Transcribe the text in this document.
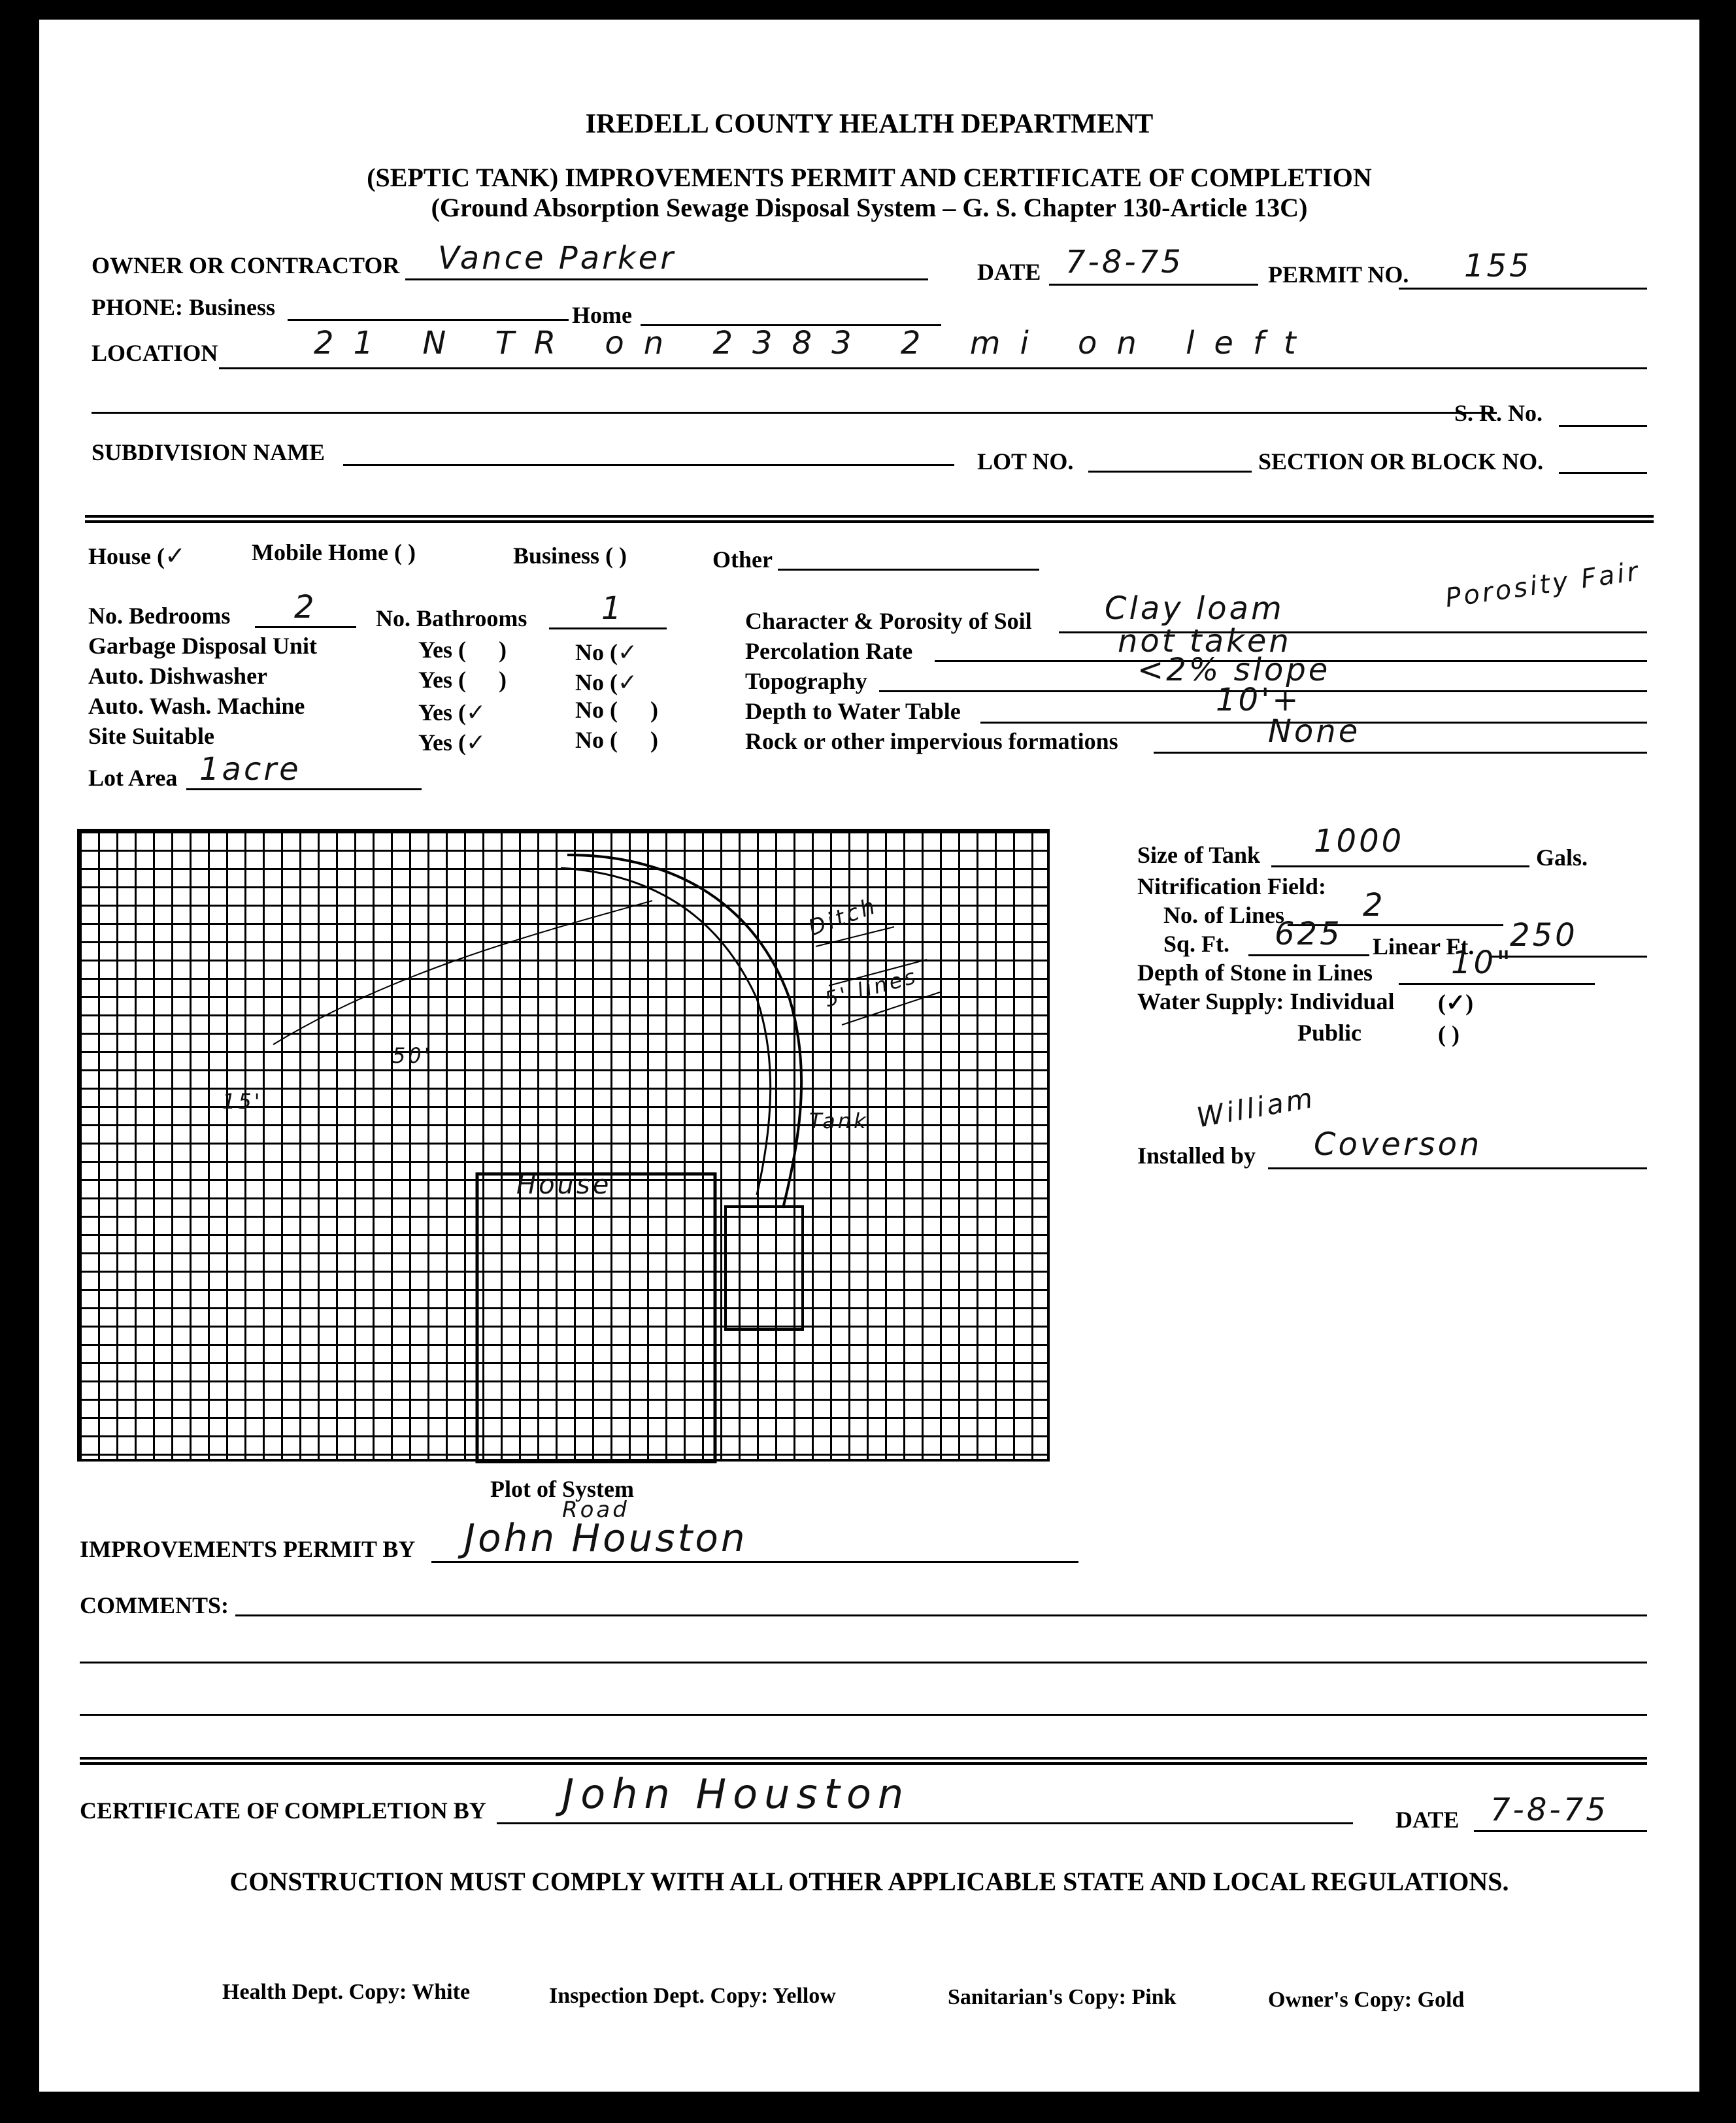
IREDELL COUNTY HEALTH DEPARTMENT
(SEPTIC TANK) IMPROVEMENTS PERMIT AND CERTIFICATE OF COMPLETION
(Ground Absorption Sewage Disposal System – G. S. Chapter 130-Article 13C)
OWNER OR CONTRACTOR Vance Parker	DATE 7-8-75	PERMIT NO. 155
PHONE: Business	Home
LOCATION	21 N TR on 2383 2 mi on left
S. R. No.
SUBDIVISION NAME	LOT NO.	SECTION OR BLOCK NO.
House (✓	Mobile Home ( )	Business ( )	Other
No. Bedrooms 2	No. Bathrooms 1
Garbage Disposal Unit	Yes ( )	No (✓
Auto. Dishwasher	Yes ( )	No (✓
Auto. Wash. Machine	Yes (✓	No ( )
Site Suitable	Yes (✓	No ( )
Lot Area 1acre
Character & Porosity of Soil Clay loam	Porosity Fair
Percolation Rate	not taken
Topography	<2% slope
Depth to Water Table	10'+
Rock or other impervious formations	None
House
Tank
Ditch
5' lines
50'
15'
Plot of System
Road
Size of Tank 1000	Gals.
Nitrification Field:
No. of Lines 2
Sq. Ft. 625 Linear Ft. 250
Depth of Stone in Lines 10"
Water Supply: Individual (✓)
Public	( )
William
Installed by Coverson
IMPROVEMENTS PERMIT BY John Houston
COMMENTS:
CERTIFICATE OF COMPLETION BY John Houston
DATE 7-8-75
CONSTRUCTION MUST COMPLY WITH ALL OTHER APPLICABLE STATE AND LOCAL REGULATIONS.
Health Dept. Copy: White	Inspection Dept. Copy: Yellow	Sanitarian's Copy: Pink	Owner's Copy: Gold
